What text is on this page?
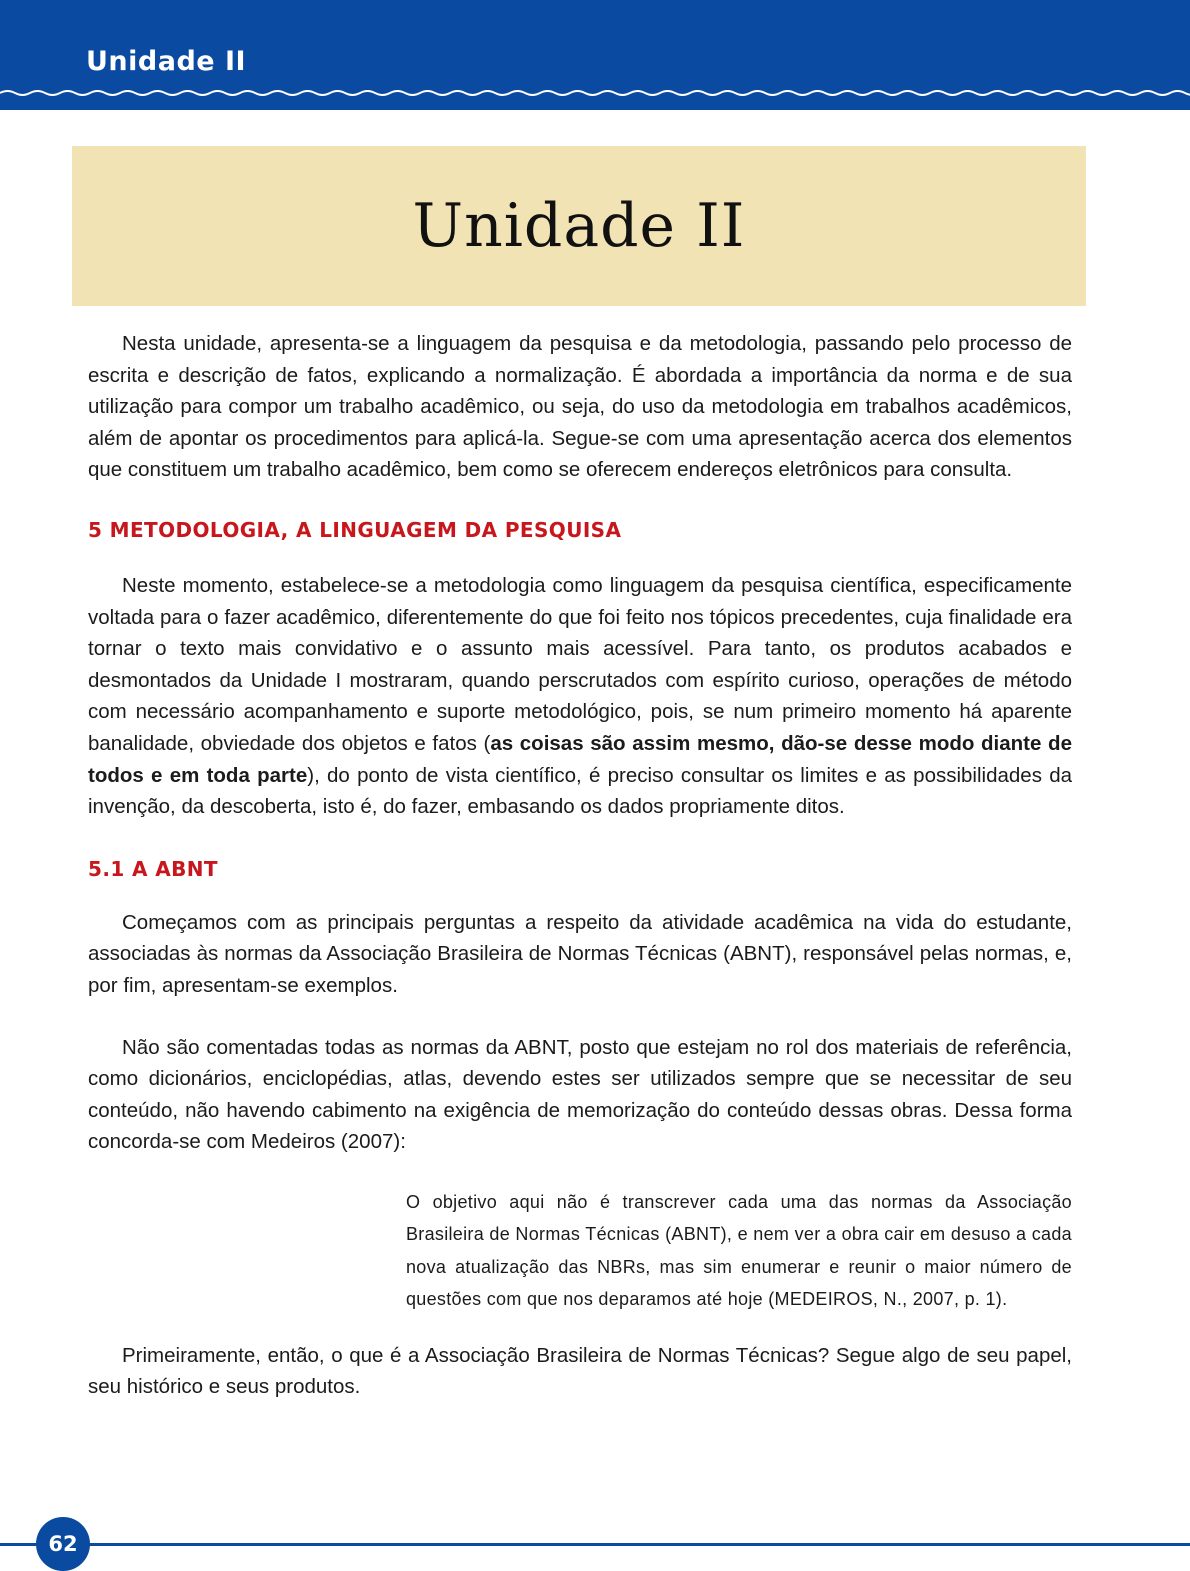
Unidade II
Unidade II

Nesta unidade, apresenta-se a linguagem da pesquisa e da metodologia, passando pelo processo de escrita e descrição de fatos, explicando a normalização. É abordada a importância da norma e de sua utilização para compor um trabalho acadêmico, ou seja, do uso da metodologia em trabalhos acadêmicos, além de apontar os procedimentos para aplicá-la. Segue-se com uma apresentação acerca dos elementos que constituem um trabalho acadêmico, bem como se oferecem endereços eletrônicos para consulta.

5 METODOLOGIA, A LINGUAGEM DA PESQUISA

Neste momento, estabelece-se a metodologia como linguagem da pesquisa científica, especificamente voltada para o fazer acadêmico, diferentemente do que foi feito nos tópicos precedentes, cuja finalidade era tornar o texto mais convidativo e o assunto mais acessível. Para tanto, os produtos acabados e desmontados da Unidade I mostraram, quando perscrutados com espírito curioso, operações de método com necessário acompanhamento e suporte metodológico, pois, se num primeiro momento há aparente banalidade, obviedade dos objetos e fatos (as coisas são assim mesmo, dão-se desse modo diante de todos e em toda parte), do ponto de vista científico, é preciso consultar os limites e as possibilidades da invenção, da descoberta, isto é, do fazer, embasando os dados propriamente ditos.

5.1 A ABNT

Começamos com as principais perguntas a respeito da atividade acadêmica na vida do estudante, associadas às normas da Associação Brasileira de Normas Técnicas (ABNT), responsável pelas normas, e, por fim, apresentam-se exemplos.

Não são comentadas todas as normas da ABNT, posto que estejam no rol dos materiais de referência, como dicionários, enciclopédias, atlas, devendo estes ser utilizados sempre que se necessitar de seu conteúdo, não havendo cabimento na exigência de memorização do conteúdo dessas obras. Dessa forma concorda-se com Medeiros (2007):

O objetivo aqui não é transcrever cada uma das normas da Associação Brasileira de Normas Técnicas (ABNT), e nem ver a obra cair em desuso a cada nova atualização das NBRs, mas sim enumerar e reunir o maior número de questões com que nos deparamos até hoje (MEDEIROS, N., 2007, p. 1).

Primeiramente, então, o que é a Associação Brasileira de Normas Técnicas? Segue algo de seu papel, seu histórico e seus produtos.

62
